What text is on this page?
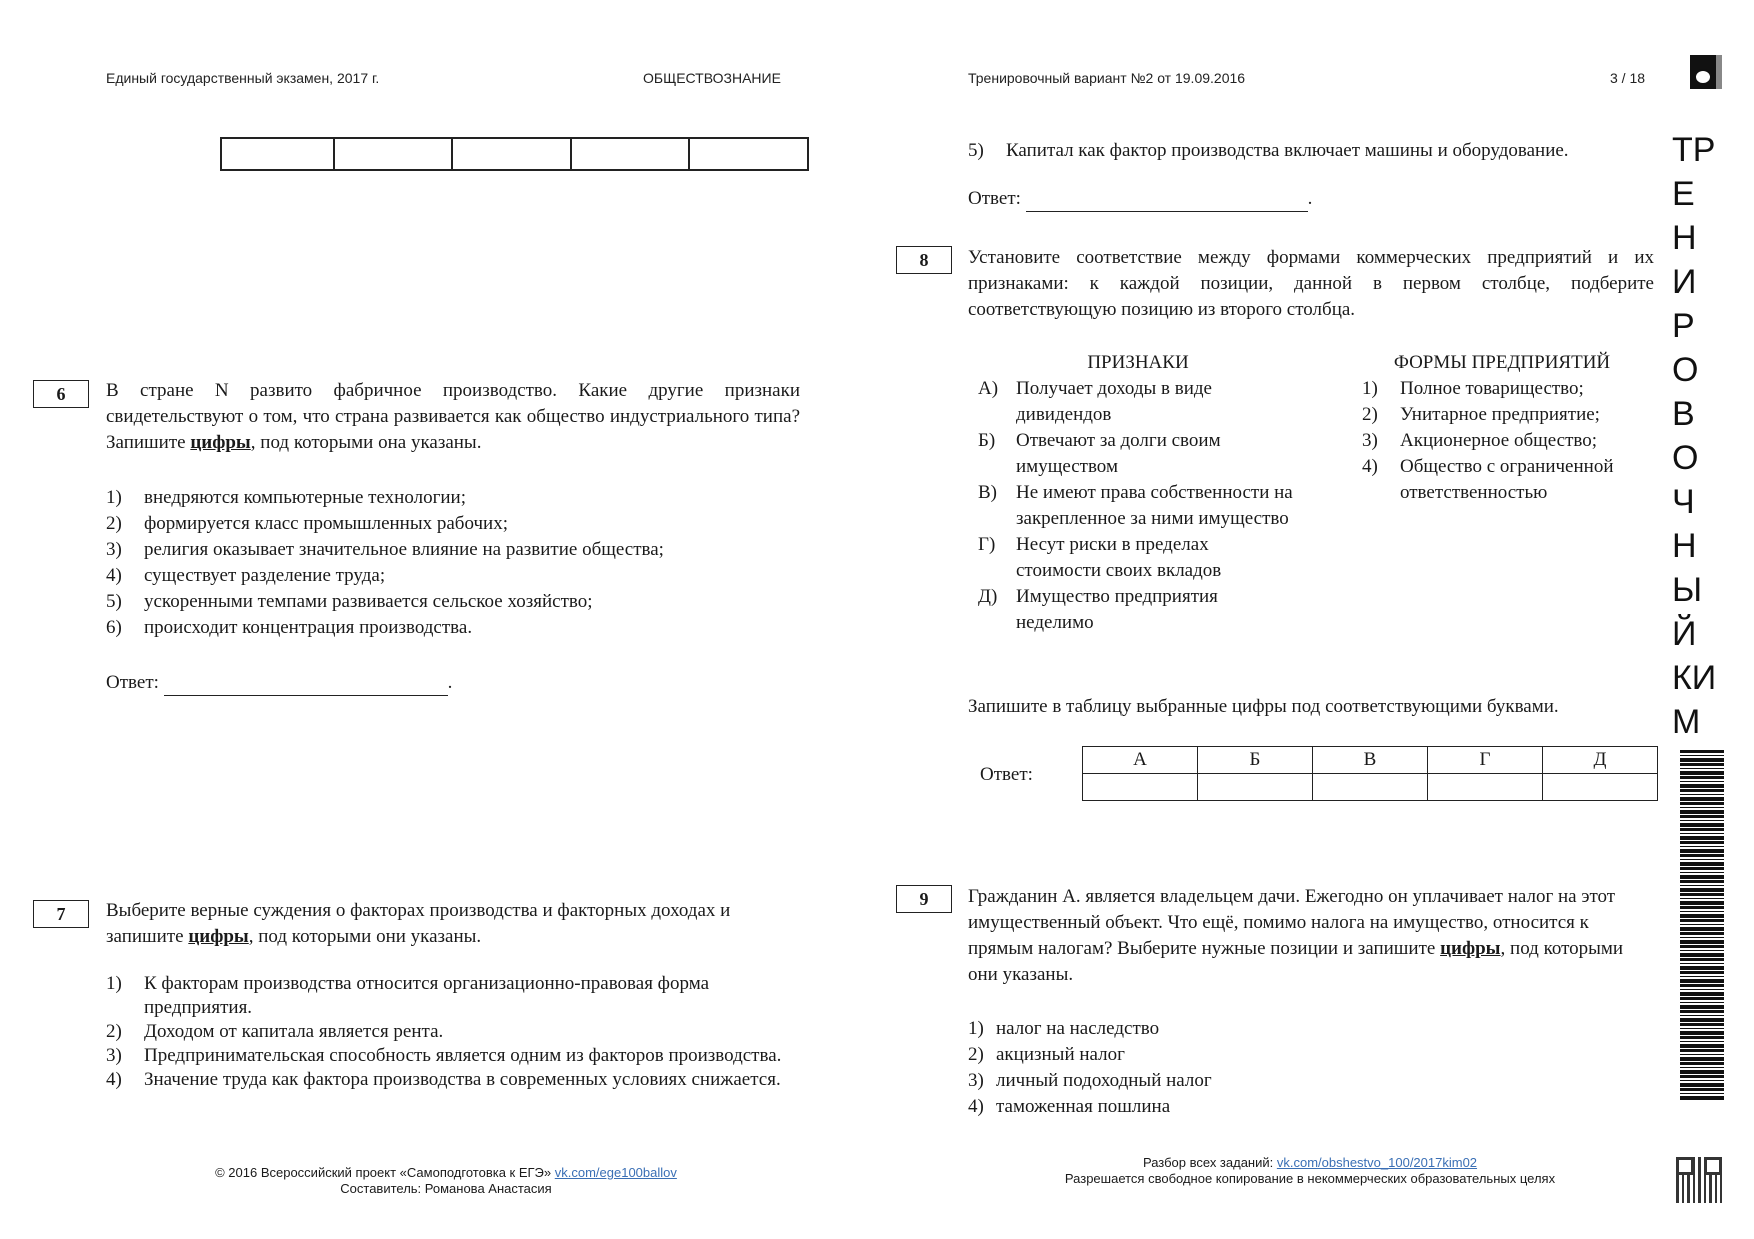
Единый государственный экзамен, 2017 г.	ОБЩЕСТВОЗНАНИЕ	Тренировочный вариант №2 от 19.09.2016	3 / 18
6	В стране N развито фабричное производство. Какие другие признаки свидетельствуют о том, что страна развивается как общество индустриального типа? Запишите цифры, под которыми она указаны.
1)	внедряются компьютерные технологии;
2)	формируется класс промышленных рабочих;
3)	религия оказывает значительное влияние на развитие общества;
4)	существует разделение труда;
5)	ускоренными темпами развивается сельское хозяйство;
6)	происходит концентрация производства.
Ответ:	.
7	Выберите верные суждения о факторах производства и факторных доходах и запишите цифры, под которыми они указаны.
1)	К факторам производства относится организационно-правовая форма предприятия.
2)	Доходом от капитала является рента.
3)	Предпринимательская способность является одним из факторов производства.
4)	Значение труда как фактора производства в современных условиях снижается.
© 2016 Всероссийский проект «Самоподготовка к ЕГЭ» vk.com/ege100ballov
Составитель: Романова Анастасия
5) Капитал как фактор производства включает машины и оборудование.
Ответ:	.
8	Установите соответствие между формами коммерческих предприятий и их признаками: к каждой позиции, данной в первом столбце, подберите соответствующую позицию из второго столбца.
ПРИЗНАКИ
А) Получает доходы в виде дивидендов
Б)	Отвечают за долги своим имуществом
В)	Не имеют права собственности на закрепленное за ними имущество
Г)	Несут риски в пределах стоимости своих вкладов
Д) Имущество предприятия неделимо
ФОРМЫ ПРЕДПРИЯТИЙ
1)	Полное товарищество;
2)	Унитарное предприятие;
3)	Акционерное общество;
4)	Общество с ограниченной ответственностью
Запишите в таблицу выбранные цифры под соответствующими буквами.
Ответ:
А	Б	В	Г	Д

9	Гражданин А. является владельцем дачи. Ежегодно он уплачивает налог на этот имущественный объект. Что ещё, помимо налога на имущество, относится к прямым налогам? Выберите нужные позиции и запишите цифры, под которыми они указаны.
1) налог на наследство
2) акцизный налог
3) личный подоходный налог
4) таможенная пошлина
Разбор всех заданий: vk.com/obshestvo_100/2017kim02
Разрешается свободное копирование в некоммерческих образовательных целях
ТР
Е
Н
И
Р
О
В
О
Ч
Н
Ы
Й
КИ
М
